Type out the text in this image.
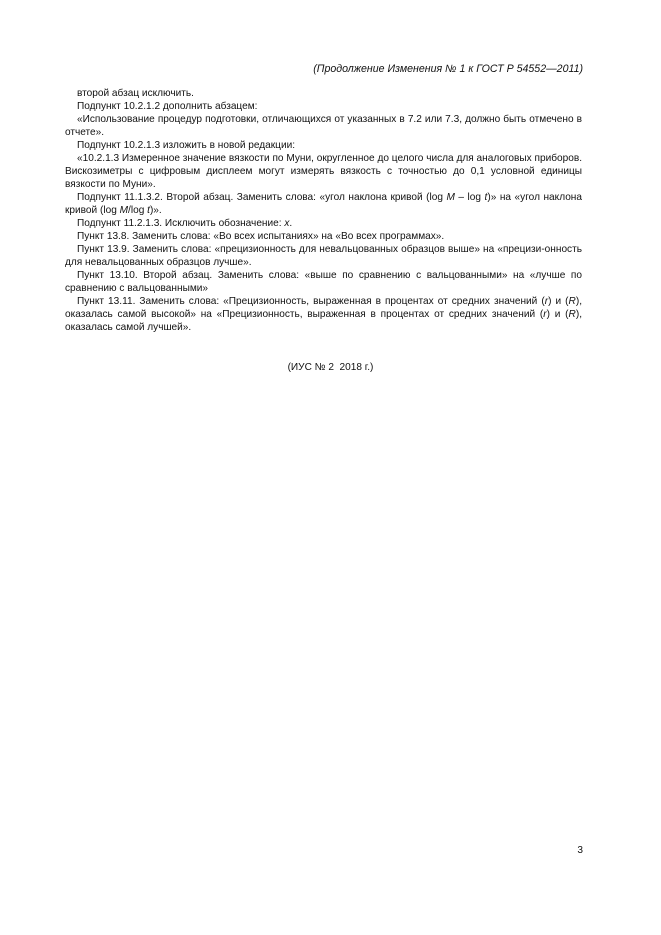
(Продолжение Изменения № 1 к ГОСТ Р 54552—2011)

второй абзац исключить.

Подпункт 10.2.1.2 дополнить абзацем:

«Использование процедур подготовки, отличающихся от указанных в 7.2 или 7.3, должно быть отмечено в отчете».

Подпункт 10.2.1.3 изложить в новой редакции:

«10.2.1.3 Измеренное значение вязкости по Муни, округленное до целого числа для аналоговых приборов. Вискозиметры с цифровым дисплеем могут измерять вязкость с точностью до 0,1 условной единицы вязкости по Муни».

Подпункт 11.1.3.2. Второй абзац. Заменить слова: «угол наклона кривой (log M – log t)» на «угол наклона кривой (log M/log t)».

Подпункт 11.2.1.3. Исключить обозначение: x.

Пункт 13.8. Заменить слова: «Во всех испытаниях» на «Во всех программах».

Пункт 13.9. Заменить слова: «прецизионность для невальцованных образцов выше» на «прецизи-онность для невальцованных образцов лучше».

Пункт 13.10. Второй абзац. Заменить слова: «выше по сравнению с вальцованными» на «лучше по сравнению с вальцованными»

Пункт 13.11. Заменить слова: «Прецизионность, выраженная в процентах от средних значений (r) и (R), оказалась самой высокой» на «Прецизионность, выраженная в процентах от средних значений (r) и (R), оказалась самой лучшей».

(ИУС № 2  2018 г.)
3
